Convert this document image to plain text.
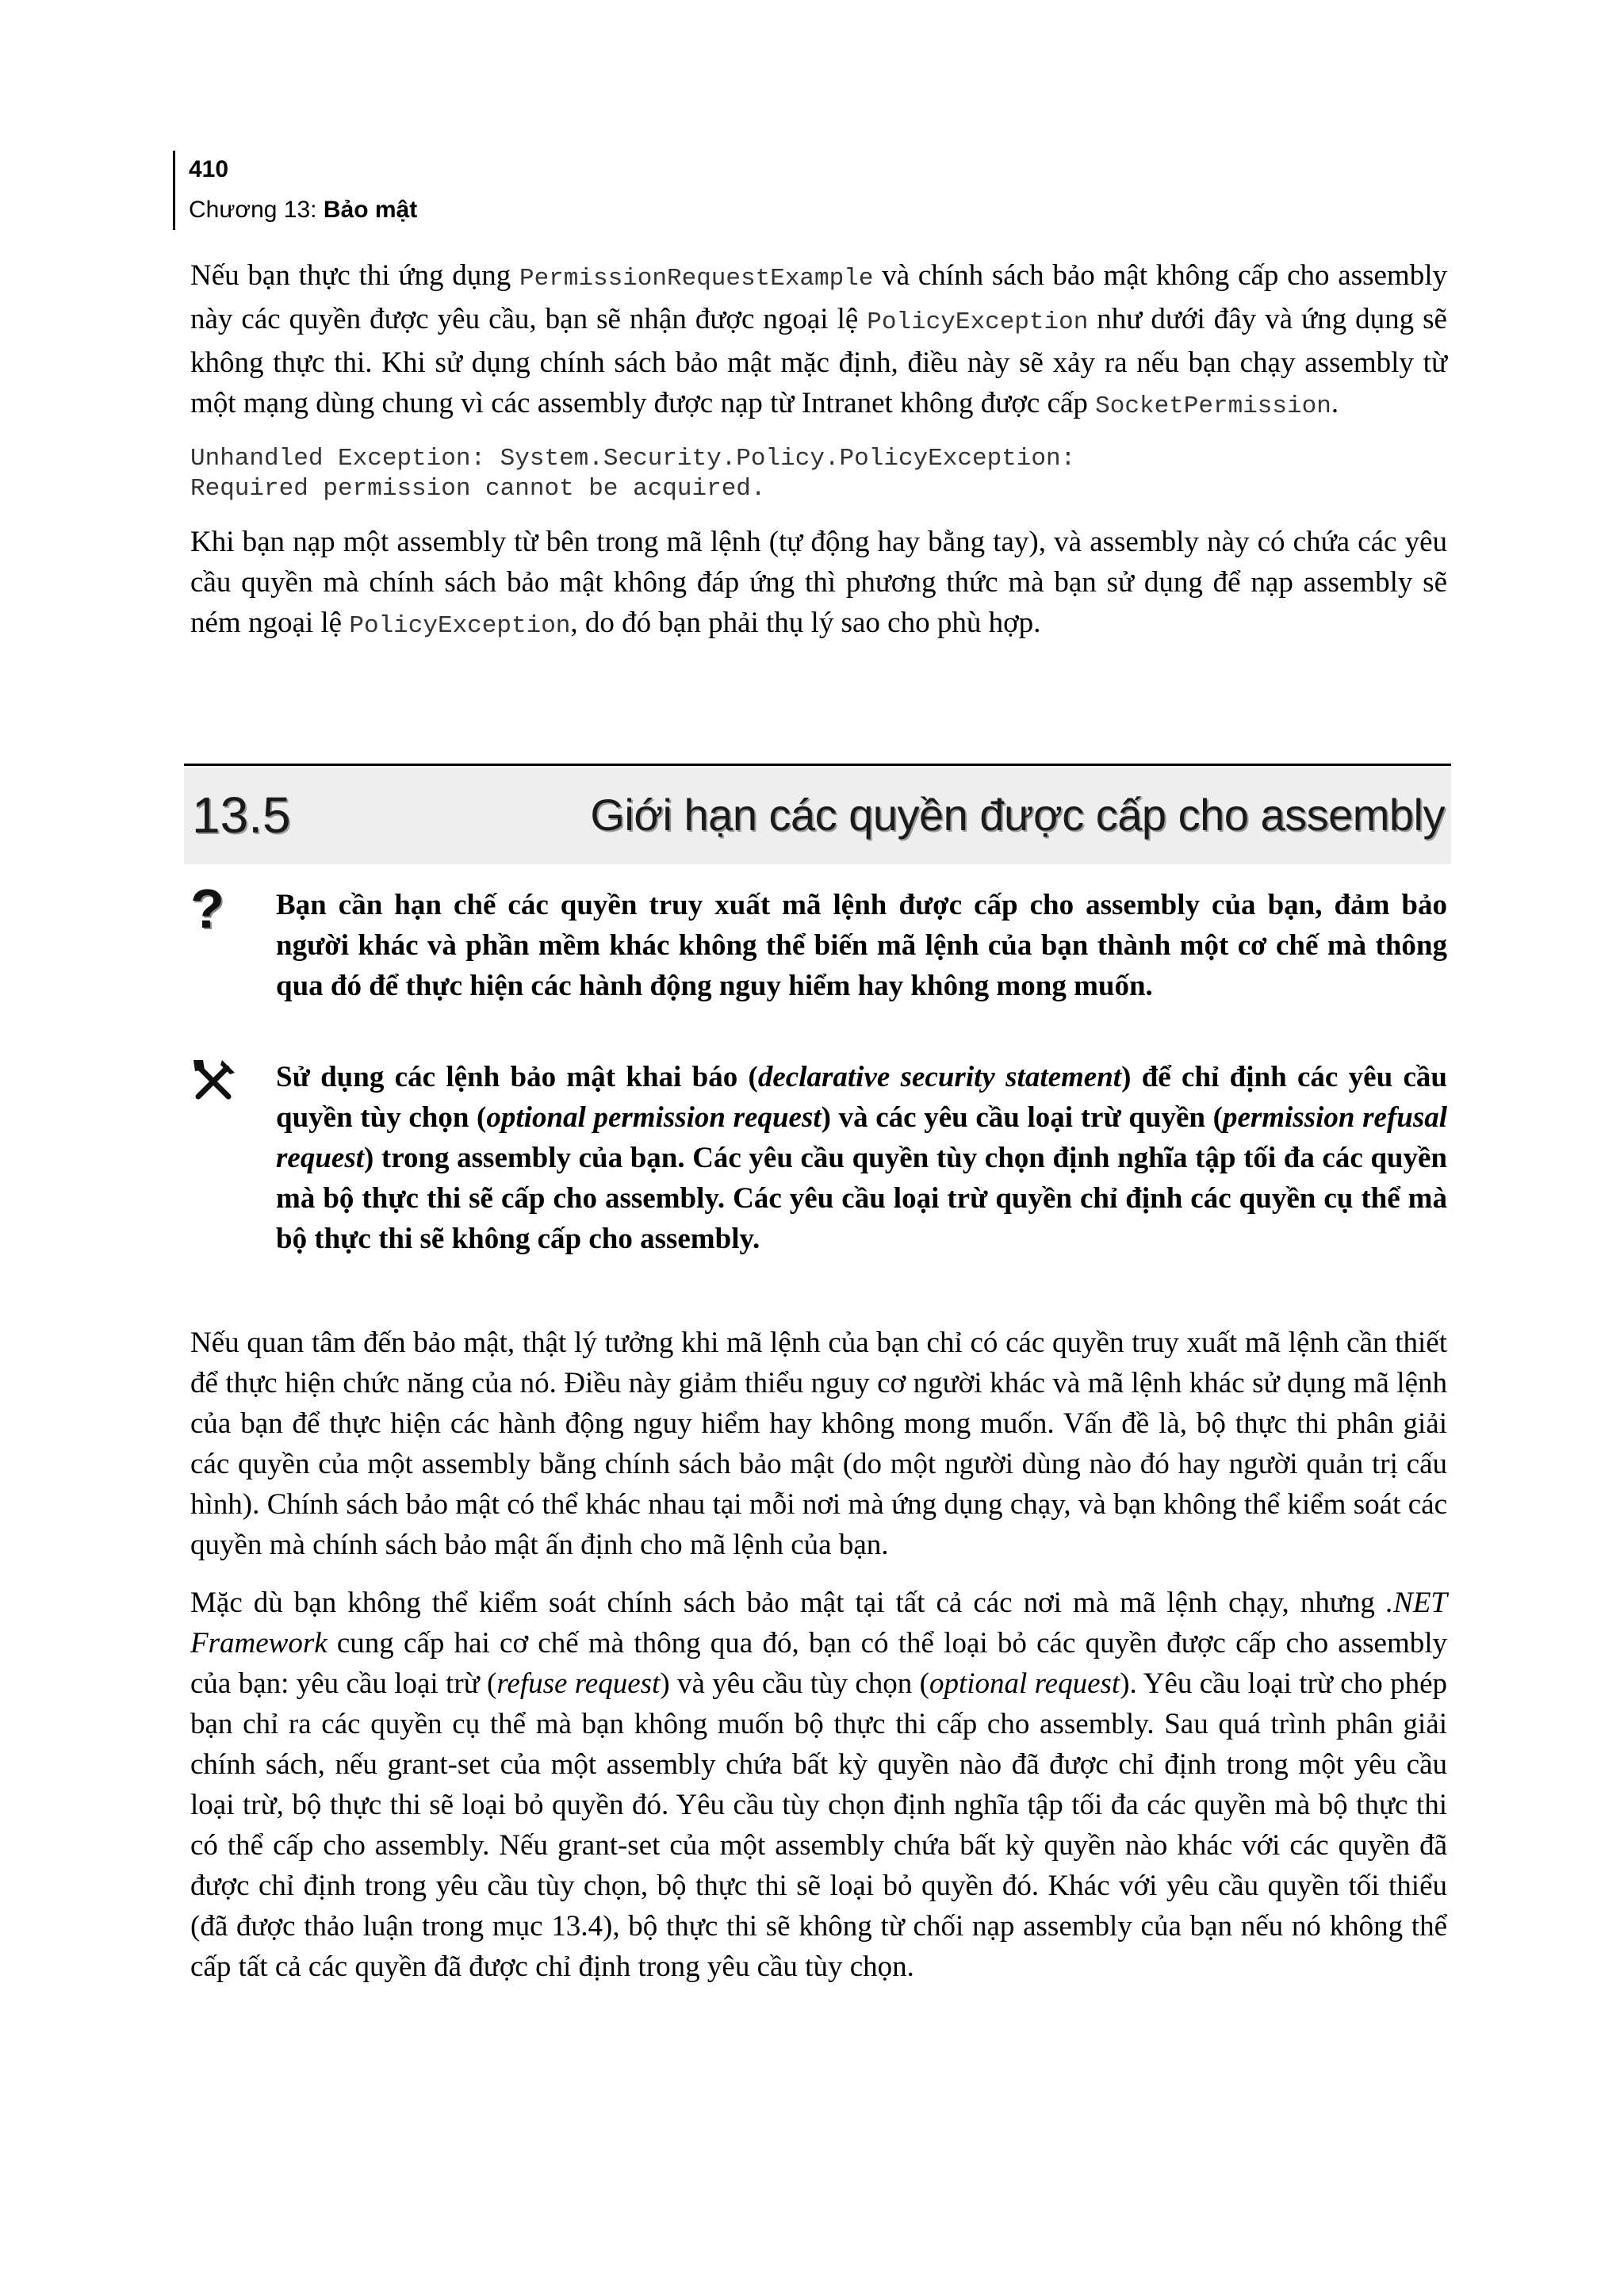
410
Chương 13: Bảo mật

Nếu bạn thực thi ứng dụng PermissionRequestExample và chính sách bảo mật không cấp cho assembly này các quyền được yêu cầu, bạn sẽ nhận được ngoại lệ PolicyException như dưới đây và ứng dụng sẽ không thực thi. Khi sử dụng chính sách bảo mật mặc định, điều này sẽ xảy ra nếu bạn chạy assembly từ một mạng dùng chung vì các assembly được nạp từ Intranet không được cấp SocketPermission.

Unhandled Exception: System.Security.Policy.PolicyException:
Required permission cannot be acquired.

Khi bạn nạp một assembly từ bên trong mã lệnh (tự động hay bằng tay), và assembly này có chứa các yêu cầu quyền mà chính sách bảo mật không đáp ứng thì phương thức mà bạn sử dụng để nạp assembly sẽ ném ngoại lệ PolicyException, do đó bạn phải thụ lý sao cho phù hợp.

13.5	Giới hạn các quyền được cấp cho assembly
?	Bạn cần hạn chế các quyền truy xuất mã lệnh được cấp cho assembly của bạn, đảm bảo người khác và phần mềm khác không thể biến mã lệnh của bạn thành một cơ chế mà thông qua đó để thực hiện các hành động nguy hiểm hay không mong muốn.
Sử dụng các lệnh bảo mật khai báo (declarative security statement) để chỉ định các yêu cầu quyền tùy chọn (optional permission request) và các yêu cầu loại trừ quyền (permission refusal request) trong assembly của bạn. Các yêu cầu quyền tùy chọn định nghĩa tập tối đa các quyền mà bộ thực thi sẽ cấp cho assembly. Các yêu cầu loại trừ quyền chỉ định các quyền cụ thể mà bộ thực thi sẽ không cấp cho assembly.

Nếu quan tâm đến bảo mật, thật lý tưởng khi mã lệnh của bạn chỉ có các quyền truy xuất mã lệnh cần thiết để thực hiện chức năng của nó. Điều này giảm thiểu nguy cơ người khác và mã lệnh khác sử dụng mã lệnh của bạn để thực hiện các hành động nguy hiểm hay không mong muốn. Vấn đề là, bộ thực thi phân giải các quyền của một assembly bằng chính sách bảo mật (do một người dùng nào đó hay người quản trị cấu hình). Chính sách bảo mật có thể khác nhau tại mỗi nơi mà ứng dụng chạy, và bạn không thể kiểm soát các quyền mà chính sách bảo mật ấn định cho mã lệnh của bạn.

Mặc dù bạn không thể kiểm soát chính sách bảo mật tại tất cả các nơi mà mã lệnh chạy, nhưng .NET Framework cung cấp hai cơ chế mà thông qua đó, bạn có thể loại bỏ các quyền được cấp cho assembly của bạn: yêu cầu loại trừ (refuse request) và yêu cầu tùy chọn (optional request). Yêu cầu loại trừ cho phép bạn chỉ ra các quyền cụ thể mà bạn không muốn bộ thực thi cấp cho assembly. Sau quá trình phân giải chính sách, nếu grant-set của một assembly chứa bất kỳ quyền nào đã được chỉ định trong một yêu cầu loại trừ, bộ thực thi sẽ loại bỏ quyền đó. Yêu cầu tùy chọn định nghĩa tập tối đa các quyền mà bộ thực thi có thể cấp cho assembly. Nếu grant-set của một assembly chứa bất kỳ quyền nào khác với các quyền đã được chỉ định trong yêu cầu tùy chọn, bộ thực thi sẽ loại bỏ quyền đó. Khác với yêu cầu quyền tối thiểu (đã được thảo luận trong mục 13.4), bộ thực thi sẽ không từ chối nạp assembly của bạn nếu nó không thể cấp tất cả các quyền đã được chỉ định trong yêu cầu tùy chọn.
